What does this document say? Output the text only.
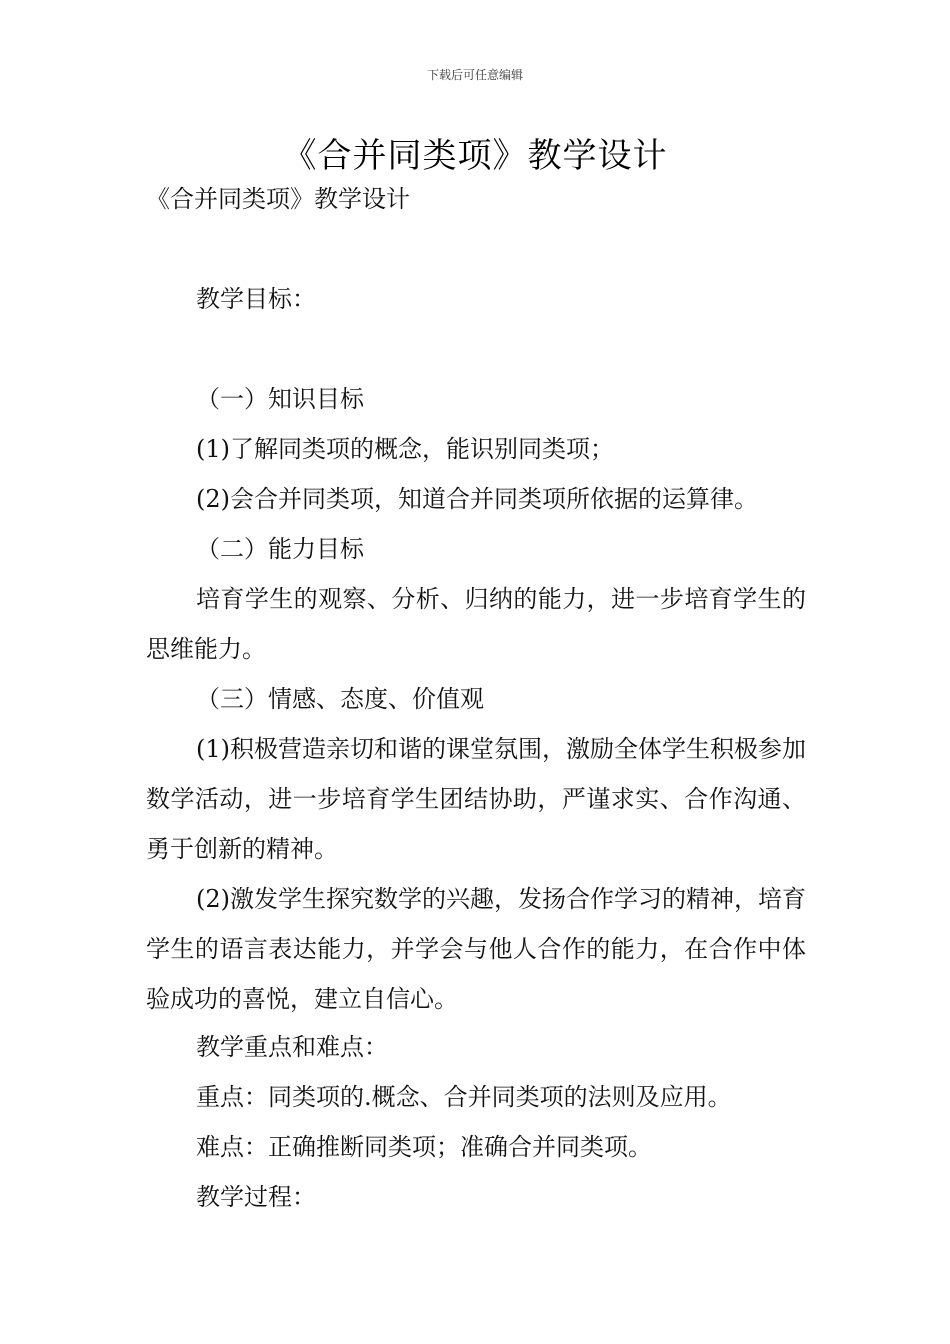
下载后可任意编辑
《合并同类项》教学设计
《合并同类项》教学设计
教学目标：
（一）知识目标
(1)了解同类项的概念，能识别同类项；
(2)会合并同类项，知道合并同类项所依据的运算律。
（二）能力目标
培育学生的观察、分析、归纳的能力，进一步培育学生的思维能力。
（三）情感、态度、价值观
(1)积极营造亲切和谐的课堂氛围，激励全体学生积极参加数学活动，进一步培育学生团结协助，严谨求实、合作沟通、勇于创新的精神。
(2)激发学生探究数学的兴趣，发扬合作学习的精神，培育学生的语言表达能力，并学会与他人合作的能力，在合作中体验成功的喜悦，建立自信心。
教学重点和难点：
重点：同类项的.概念、合并同类项的法则及应用。
难点：正确推断同类项；准确合并同类项。
教学过程：
